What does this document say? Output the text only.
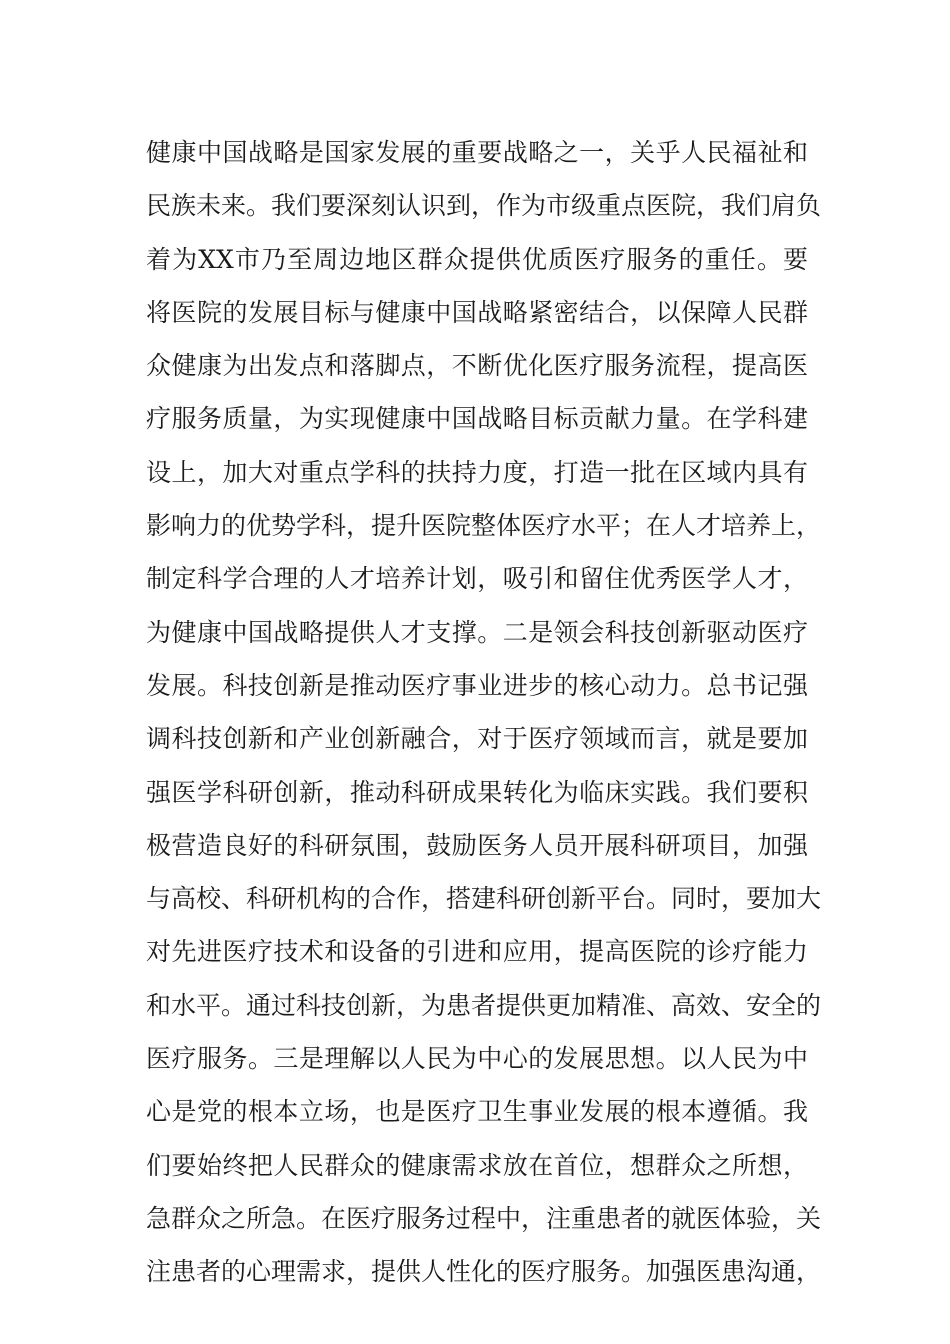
健康中国战略是国家发展的重要战略之一，关乎人民福祉和
民族未来。我们要深刻认识到，作为市级重点医院，我们肩负
着为XX市乃至周边地区群众提供优质医疗服务的重任。要
将医院的发展目标与健康中国战略紧密结合，以保障人民群
众健康为出发点和落脚点，不断优化医疗服务流程，提高医
疗服务质量，为实现健康中国战略目标贡献力量。在学科建
设上，加大对重点学科的扶持力度，打造一批在区域内具有
影响力的优势学科，提升医院整体医疗水平；在人才培养上，
制定科学合理的人才培养计划，吸引和留住优秀医学人才，
为健康中国战略提供人才支撑。二是领会科技创新驱动医疗
发展。科技创新是推动医疗事业进步的核心动力。总书记强
调科技创新和产业创新融合，对于医疗领域而言，就是要加
强医学科研创新，推动科研成果转化为临床实践。我们要积
极营造良好的科研氛围，鼓励医务人员开展科研项目，加强
与高校、科研机构的合作，搭建科研创新平台。同时，要加大
对先进医疗技术和设备的引进和应用，提高医院的诊疗能力
和水平。通过科技创新，为患者提供更加精准、高效、安全的
医疗服务。三是理解以人民为中心的发展思想。以人民为中
心是党的根本立场，也是医疗卫生事业发展的根本遵循。我
们要始终把人民群众的健康需求放在首位，想群众之所想，
急群众之所急。在医疗服务过程中，注重患者的就医体验，关
注患者的心理需求，提供人性化的医疗服务。加强医患沟通，
